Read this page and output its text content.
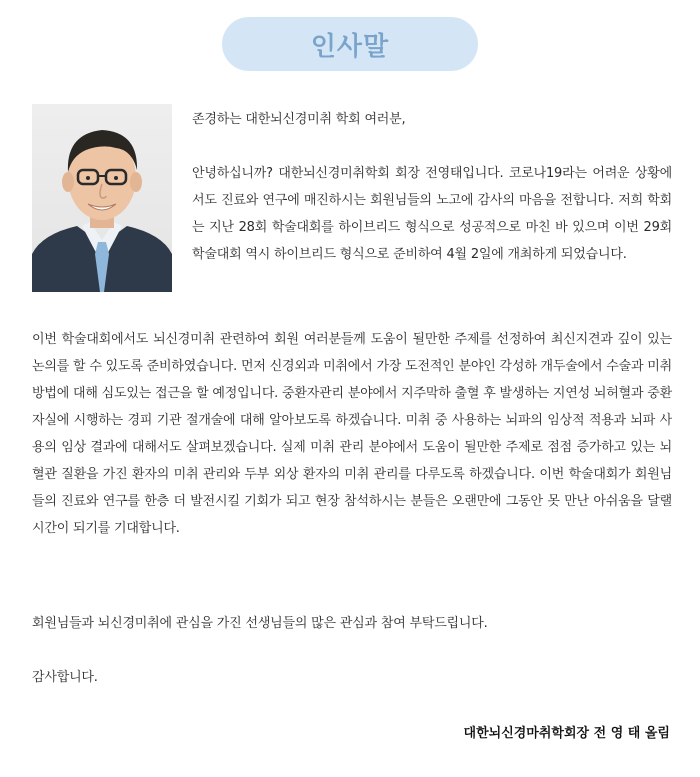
인사말

존경하는 대한뇌신경미취 학회 여러분,

안녕하십니까? 대한뇌신경미취학회 회장 전영태입니다. 코로나19라는 어려운 상황에서도 진료와 연구에 매진하시는 회원님들의 노고에 감사의 마음을 전합니다. 저희 학회는 지난 28회 학술대회를 하이브리드 형식으로 성공적으로 마친 바 있으며 이번 29회 학술대회 역시 하이브리드 형식으로 준비하여 4월 2일에 개최하게 되었습니다.

이번 학술대회에서도 뇌신경미취 관련하여 회원 여러분들께 도움이 될만한 주제를 선정하여 최신지견과 깊이 있는 논의를 할 수 있도록 준비하였습니다. 먼저 신경외과 미취에서 가장 도전적인 분야인 각성하 개두술에서 수술과 미취 방법에 대해 심도있는 접근을 할 예정입니다. 중환자관리 분야에서 지주막하 출혈 후 발생하는 지연성 뇌허혈과 중환자실에 시행하는 경피 기관 절개술에 대해 알아보도록 하겠습니다. 미취 중 사용하는 뇌파의 임상적 적용과 뇌파 사용의 임상 결과에 대해서도 살펴보겠습니다. 실제 미취 관리 분야에서 도움이 될만한 주제로 점점 증가하고 있는 뇌혈관 질환을 가진 환자의 미취 관리와 두부 외상 환자의 미취 관리를 다루도록 하겠습니다. 이번 학술대회가 회원님들의 진료와 연구를 한층 더 발전시킬 기회가 되고 현장 참석하시는 분들은 오랜만에 그동안 못 만난 아쉬움을 달랠 시간이 되기를 기대합니다.

회원님들과 뇌신경미취에 관심을 가진 선생님들의 많은 관심과 참여 부탁드립니다.

감사합니다.

대한뇌신경마취학회장 전 영 태 올림
